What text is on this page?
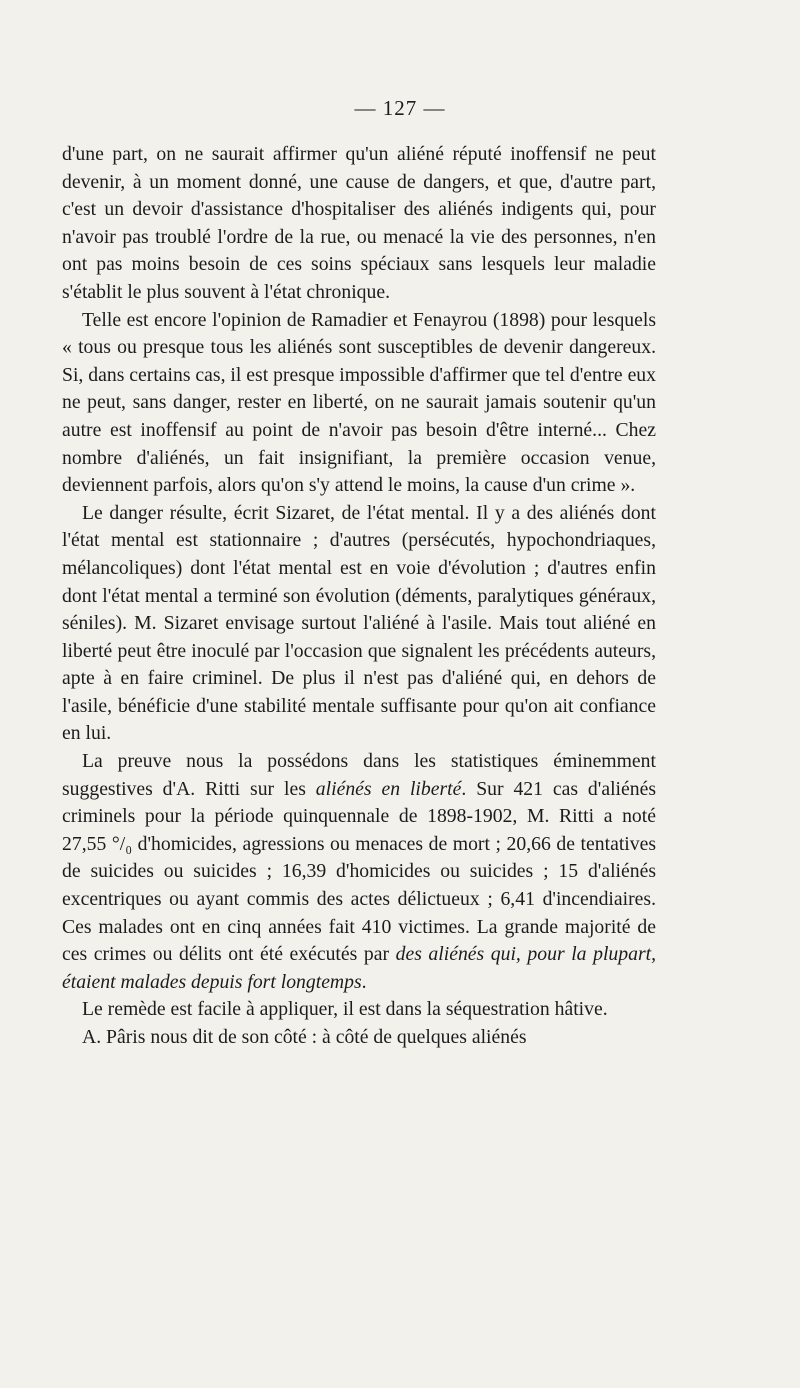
— 127 —

d'une part, on ne saurait affirmer qu'un aliéné réputé inoffensif ne peut devenir, à un moment donné, une cause de dangers, et que, d'autre part, c'est un devoir d'assistance d'hospitaliser des aliénés indigents qui, pour n'avoir pas troublé l'ordre de la rue, ou menacé la vie des personnes, n'en ont pas moins besoin de ces soins spéciaux sans lesquels leur maladie s'établit le plus souvent à l'état chronique.

Telle est encore l'opinion de Ramadier et Fenayrou (1898) pour lesquels « tous ou presque tous les aliénés sont susceptibles de devenir dangereux. Si, dans certains cas, il est presque impossible d'affirmer que tel d'entre eux ne peut, sans danger, rester en liberté, on ne saurait jamais soutenir qu'un autre est inoffensif au point de n'avoir pas besoin d'être interné... Chez nombre d'aliénés, un fait insignifiant, la première occasion venue, deviennent parfois, alors qu'on s'y attend le moins, la cause d'un crime ».

Le danger résulte, écrit Sizaret, de l'état mental. Il y a des aliénés dont l'état mental est stationnaire ; d'autres (persécutés, hypochondriaques, mélancoliques) dont l'état mental est en voie d'évolution ; d'autres enfin dont l'état mental a terminé son évolution (déments, paralytiques généraux, séniles). M. Sizaret envisage surtout l'aliéné à l'asile. Mais tout aliéné en liberté peut être inoculé par l'occasion que signalent les précédents auteurs, apte à en faire criminel. De plus il n'est pas d'aliéné qui, en dehors de l'asile, bénéficie d'une stabilité mentale suffisante pour qu'on ait confiance en lui.

La preuve nous la possédons dans les statistiques éminemment suggestives d'A. Ritti sur les aliénés en liberté. Sur 421 cas d'aliénés criminels pour la période quinquennale de 1898-1902, M. Ritti a noté 27,55 °/₀ d'homicides, agressions ou menaces de mort ; 20,66 de tentatives de suicides ou suicides ; 16,39 d'homicides ou suicides ; 15 d'aliénés excentriques ou ayant commis des actes délictueux ; 6,41 d'incendiaires. Ces malades ont en cinq années fait 410 victimes. La grande majorité de ces crimes ou délits ont été exécutés par des aliénés qui, pour la plupart, étaient malades depuis fort longtemps.

Le remède est facile à appliquer, il est dans la séquestration hâtive.

A. Pâris nous dit de son côté : à côté de quelques aliénés
